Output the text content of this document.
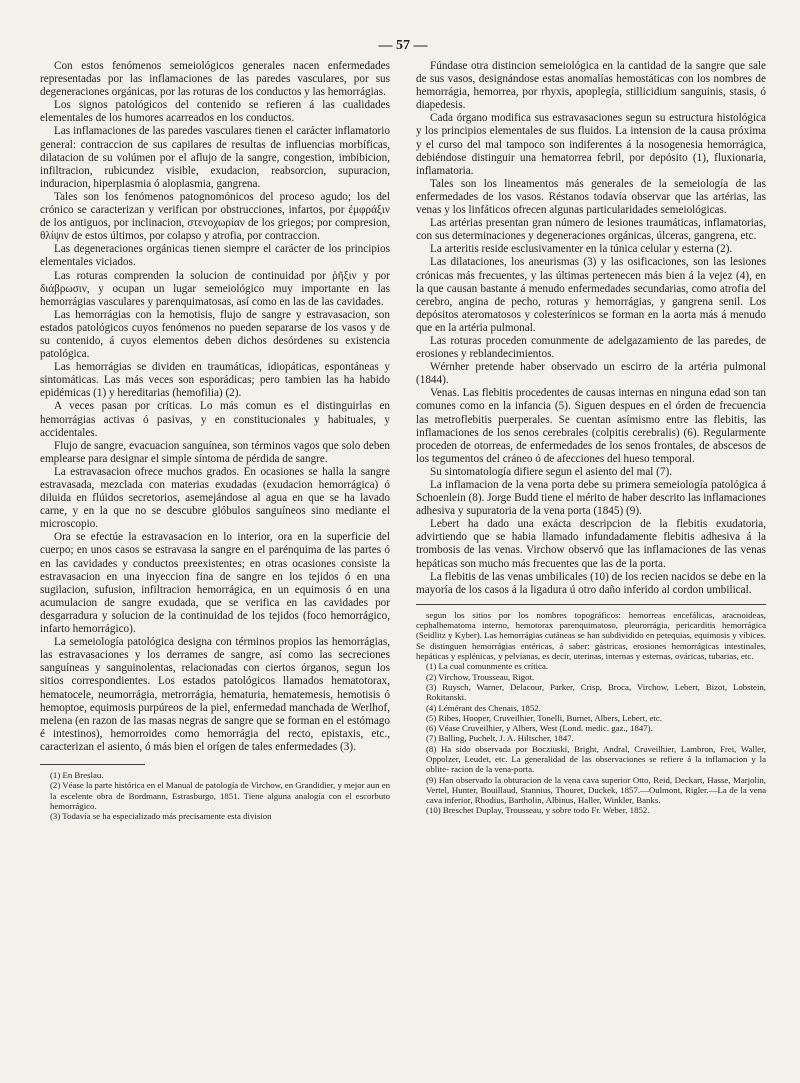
— 57 —

Con estos fenómenos semeiológicos generales nacen enfermedades representadas por las inflamaciones de las paredes vasculares, por sus degeneraciones orgánicas, por las roturas de los conductos y las hemorrágias.

Los signos patológicos del contenido se refieren á las cualidades elementales de los humores acarreados en los conductos.

Las inflamaciones de las paredes vasculares tienen el carácter inflamatorio general: contraccion de sus capilares de resultas de influencias morbíficas, dilatacion de su volúmen por el aflujo de la sangre, congestion, imbibicion, infiltracion, rubicundez visible, exudacion, reabsorcion, supuracion, induracion, hiperplasmia ó aloplasmia, gangrena.

Tales son los fenómenos patognomónicos del proceso agudo; los del crónico se caracterizan y verifican por obstrucciones, infartos, por ἐμφράξιν de los antiguos, por inclinacion, στενοχωρίαν de los griegos; por compresion, θλίψιν de estos últimos, por colapso y atrofia, por contraccion.

Las degeneraciones orgánicas tienen siempre el carácter de los principios elementales viciados.

Las roturas comprenden la solucion de continuidad por ῥῆξιν y por διάβρωσιν, y ocupan un lugar semeiológico muy importante en las hemorrágias vasculares y parenquimatosas, así como en las de las cavidades.

Las hemorrágias con la hemotisis, flujo de sangre y estravasacion, son estados patológicos cuyos fenómenos no pueden separarse de los vasos y de su contenido, á cuyos elementos deben dichos desórdenes su existencia patológica.

Las hemorrágias se dividen en traumáticas, idiopáticas, espontáneas y sintomáticas. Las más veces son esporádicas; pero tambien las ha habido epidémicas (1) y hereditarias (hemofilia) (2).

A veces pasan por críticas. Lo más comun es el distinguirlas en hemorrágias activas ó pasivas, y en constitucionales y habituales, y accidentales.

Flujo de sangre, evacuacion sanguínea, son términos vagos que solo deben emplearse para designar el simple síntoma de pérdida de sangre.

La estravasacion ofrece muchos grados. En ocasiones se halla la sangre estravasada, mezclada con materias exudadas (exudacion hemorrágica) ó diluida en flúidos secretorios, asemejándose al agua en que se ha lavado carne, y en la que no se descubre glóbulos sanguíneos sino mediante el microscopio.

Ora se efectúe la estravasacion en lo interior, ora en la superficie del cuerpo; en unos casos se estravasa la sangre en el parénquima de las partes ó en las cavidades y conductos preexistentes; en otras ocasiones consiste la estravasacion en una inyeccion fina de sangre en los tejidos ó en una sugilacion, sufusion, infiltracion hemorrágica, en un equimosis ó en una acumulacion de sangre exudada, que se verifica en las cavidades por desgarradura y solucion de la continuidad de los tejidos (foco hemorrágico, infarto hemorrágico).

La semeiología patológica designa con términos propios las hemorrágias, las estravasaciones y los derrames de sangre, así como las secreciones sanguíneas y sanguinolentas, relacionadas con ciertos órganos, segun los sitios correspondientes. Los estados patológicos llamados hematotorax, hematocele, neumorrágia, metrorrágia, hematuria, hematemesis, hemotisis ó hemoptoe, equimosis purpúreos de la piel, enfermedad manchada de Werlhof, melena (en razon de las masas negras de sangre que se forman en el estómago é intestinos), hemorroides como hemorrágia del recto, epistaxis, etc., caracterizan el asiento, ó más bien el orígen de tales enfermedades (3).

(1) En Breslau.

(2) Véase la parte histórica en el Manual de patología de Virchow, en Grandidier, y mejor aun en la escelente obra de Bordmann, Estrasburgo, 1851. Tiene alguna analogía con el escorbuto hemorrágico.

(3) Todavía se ha especializado más precisamente esta division

Fúndase otra distincion semeiológica en la cantidad de la sangre que sale de sus vasos, designándose estas anomalías hemostáticas con los nombres de hemorrágia, hemorrea, por rhyxis, apoplegía, stillicidium sanguinis, stasis, ó diapedesis.

Cada órgano modifica sus estravasaciones segun su estructura histológica y los principios elementales de sus fluidos. La intension de la causa próxima y el curso del mal tampoco son indiferentes á la nosogenesia hemorrágica, debiéndose distinguir una hematorrea febril, por depósito (1), fluxionaria, inflamatoria.

Tales son los lineamentos más generales de la semeiología de las enfermedades de los vasos. Réstanos todavía observar que las artérias, las venas y los linfáticos ofrecen algunas particularidades semeiológicas.

Las artérias presentan gran número de lesiones traumáticas, inflamatorias, con sus determinaciones y degeneraciones orgánicas, úlceras, gangrena, etc.

La arteritis reside esclusivamenter en la túnica celular y esterna (2).

Las dilataciones, los aneurismas (3) y las osificaciones, son las lesiones crónicas más frecuentes, y las últimas pertenecen más bien á la vejez (4), en la que causan bastante á menudo enfermedades secundarias, como atrofia del cerebro, angina de pecho, roturas y hemorrágias, y gangrena senil. Los depósitos ateromatosos y colesterínicos se forman en la aorta más á menudo que en la artéria pulmonal.

Las roturas proceden comunmente de adelgazamiento de las paredes, de erosiones y reblandecimientos.

Wérnher pretende haber observado un escirro de la artéria pulmonal (1844).

Venas. Las flebitis procedentes de causas internas en ninguna edad son tan comunes como en la infancia (5). Siguen despues en el órden de frecuencia las metroflebitis puerperales. Se cuentan asímismo entre las flebitis, las inflamaciones de los senos cerebrales (colpitis cerebralis) (6). Regularmente proceden de otorreas, de enfermedades de los senos frontales, de abscesos de los tegumentos del cráneo ó de afecciones del hueso temporal.

Su sintomatología difiere segun el asiento del mal (7).

La inflamacion de la vena porta debe su primera semeiología patológica á Schoenlein (8). Jorge Budd tiene el mérito de haber descrito las inflamaciones adhesiva y supuratoria de la vena porta (1845) (9).

Lebert ha dado una exácta descripcion de la flebitis exudatoria, advirtiendo que se habia llamado infundadamente flebitis adhesiva á la trombosis de las venas. Virchow observó que las inflamaciones de las venas hepáticas son mucho más frecuentes que las de la porta.

La flebitis de las venas umbilicales (10) de los recien nacidos se debe en la mayoría de los casos á la ligadura ú otro daño inferido al cordon umbilical.

segun los sitios por los nombres topográficos: hemorreas encefálicas, aracnoideas, cephalhematoma interno, hemotorax parenquimatoso, pleurorrágia, pericarditis hemorrágica (Seidlitz y Kyber). Las hemorrágias cutáneas se han subdividido en petequias, equimosis y víbices. Se distinguen hemorrágias entéricas, á saber: gástricas, erosiones hemorrágicas intestinales, hepáticas y esplénicas, y pelvianas, es decir, uterinas, internas y esternas, ováricas, tubarias, etc.

(1) La cual comunmente es crítica.

(2) Virchow, Trousseau, Rigot.

(3) Ruysch, Warner, Delacour, Parker, Crisp, Broca, Virchow, Lebert, Bizot, Lobstein, Rokitanski.

(4) Lémérant des Chenais, 1852.

(5) Ribes, Hooper, Cruveilhier, Tonelli, Burnet, Albers, Lebert, etc.

(6) Véase Cruveilhier, y Albers, West (Lond. medic. gaz., 1847).

(7) Balling, Puchelt, J. A. Hiltscher, 1847.

(8) Ha sido observada por Bocziuski, Bright, Andral, Cruveilhier, Lambron, Frei, Waller, Oppolzer, Leudet, etc. La generalidad de las observaciones se refiere á la inflamacion y la oblite- racion de la vena-porta.

(9) Han observado la obturacion de la vena cava superior Otto, Reid, Deckart, Hasse, Marjolin, Vertel, Hunter, Bouillaud, Stannius, Thouret, Duckek, 1857.—Oulmont, Rigler.—La de la vena cava inferior, Rhodius, Bartholin, Albinus, Haller, Winkler, Banks.

(10) Breschet Duplay, Trousseau, y sobre todo Fr. Weber, 1852.
